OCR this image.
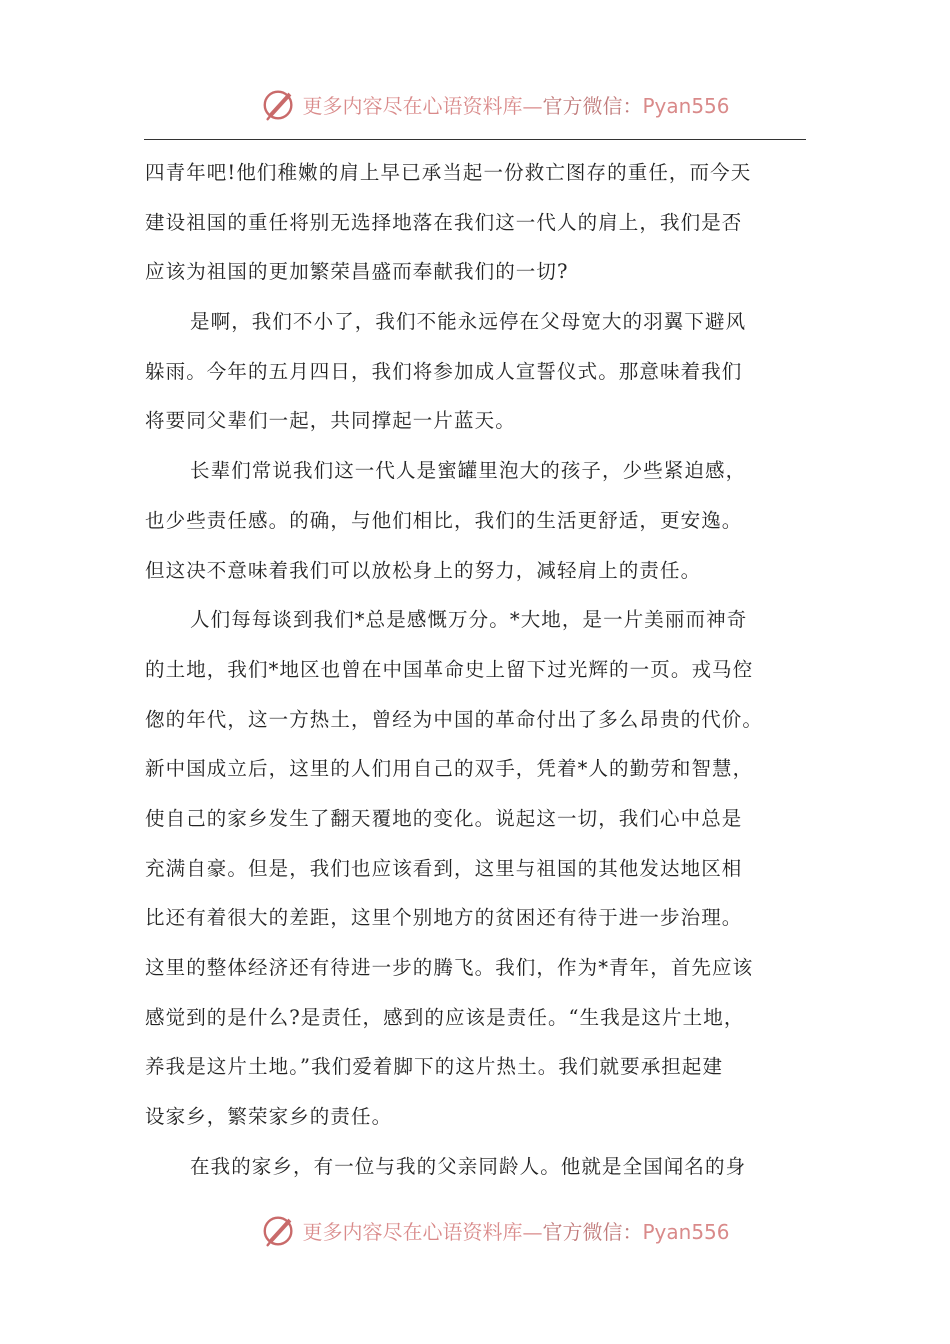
更多内容尽在心语资料库—官方微信：Pyan556
四青年吧!他们稚嫩的肩上早已承当起一份救亡图存的重任，而今天
建设祖国的重任将别无选择地落在我们这一代人的肩上，我们是否
应该为祖国的更加繁荣昌盛而奉献我们的一切?
是啊，我们不小了，我们不能永远停在父母宽大的羽翼下避风
躲雨。今年的五月四日，我们将参加成人宣誓仪式。那意味着我们
将要同父辈们一起，共同撑起一片蓝天。
长辈们常说我们这一代人是蜜罐里泡大的孩子，少些紧迫感，
也少些责任感。的确，与他们相比，我们的生活更舒适，更安逸。
但这决不意味着我们可以放松身上的努力，减轻肩上的责任。
人们每每谈到我们*总是感慨万分。*大地，是一片美丽而神奇
的土地，我们*地区也曾在中国革命史上留下过光辉的一页。戎马倥
偬的年代，这一方热土，曾经为中国的革命付出了多么昂贵的代价。
新中国成立后，这里的人们用自己的双手，凭着*人的勤劳和智慧，
使自己的家乡发生了翻天覆地的变化。说起这一切，我们心中总是
充满自豪。但是，我们也应该看到，这里与祖国的其他发达地区相
比还有着很大的差距，这里个别地方的贫困还有待于进一步治理。
这里的整体经济还有待进一步的腾飞。我们，作为*青年，首先应该
感觉到的是什么?是责任，感到的应该是责任。“生我是这片土地，
养我是这片土地。”我们爱着脚下的这片热土。我们就要承担起建
设家乡，繁荣家乡的责任。
在我的家乡，有一位与我的父亲同龄人。他就是全国闻名的身
更多内容尽在心语资料库—官方微信：Pyan556
